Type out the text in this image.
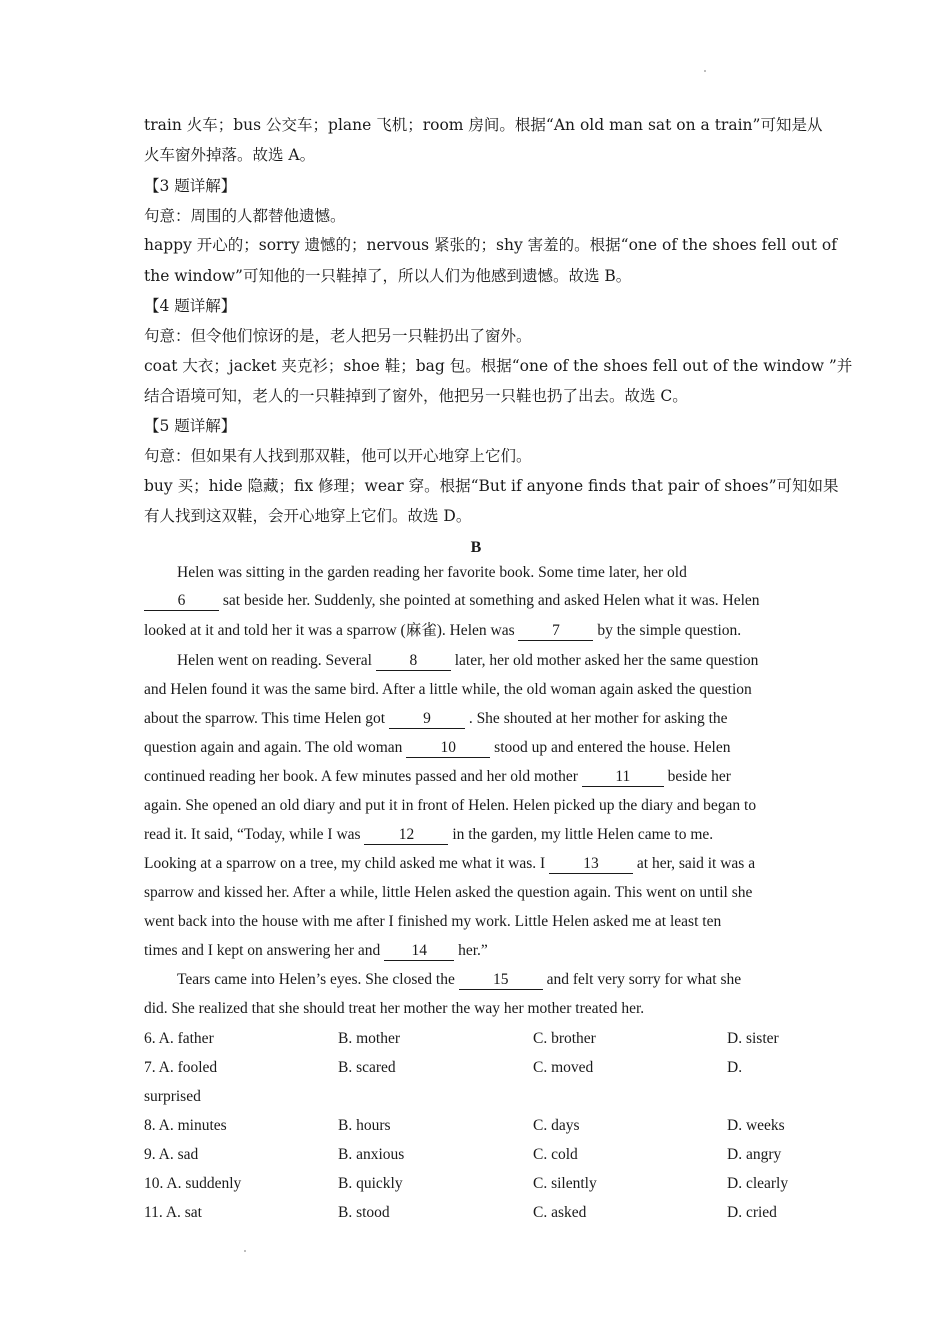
train 火车；bus 公交车；plane 飞机；room 房间。根据“An old man sat on a train”可知是从
火车窗外掉落。故选 A。
【3 题详解】
句意：周围的人都替他遗憾。
happy 开心的；sorry 遗憾的；nervous 紧张的；shy 害羞的。根据“one of the shoes fell out of
the window”可知他的一只鞋掉了，所以人们为他感到遗憾。故选 B。
【4 题详解】
句意：但令他们惊讶的是，老人把另一只鞋扔出了窗外。
coat 大衣；jacket 夹克衫；shoe 鞋；bag 包。根据“one of the shoes fell out of the window ”并
结合语境可知，老人的一只鞋掉到了窗外，他把另一只鞋也扔了出去。故选 C。
【5 题详解】
句意：但如果有人找到那双鞋，他可以开心地穿上它们。
buy 买；hide 隐藏；fix 修理；wear 穿。根据“But if anyone finds that pair of shoes”可知如果
有人找到这双鞋，会开心地穿上它们。故选 D。
B
Helen was sitting in the garden reading her favorite book. Some time later, her old
6 sat beside her. Suddenly, she pointed at something and asked Helen what it was. Helen
looked at it and told her it was a sparrow (麻雀). Helen was 7 by the simple question.
Helen went on reading. Several 8 later, her old mother asked her the same question
and Helen found it was the same bird. After a little while, the old woman again asked the question
about the sparrow. This time Helen got 9 . She shouted at her mother for asking the
question again and again. The old woman 10 stood up and entered the house. Helen
continued reading her book. A few minutes passed and her old mother 11 beside her
again. She opened an old diary and put it in front of Helen. Helen picked up the diary and began to
read it. It said, “Today, while I was 12 in the garden, my little Helen came to me.
Looking at a sparrow on a tree, my child asked me what it was. I 13 at her, said it was a
sparrow and kissed her. After a while, little Helen asked the question again. This went on until she
went back into the house with me after I finished my work. Little Helen asked me at least ten
times and I kept on answering her and 14 her.”
Tears came into Helen’s eyes. She closed the 15 and felt very sorry for what she
did. She realized that she should treat her mother the way her mother treated her.
6. A. father	B. mother	C. brother	D. sister
7. A. fooled	B. scared	C. moved	D.
surprised
8. A. minutes	B. hours	C. days	D. weeks
9. A. sad	B. anxious	C. cold	D. angry
10. A. suddenly	B. quickly	C. silently	D. clearly
11. A. sat	B. stood	C. asked	D. cried
